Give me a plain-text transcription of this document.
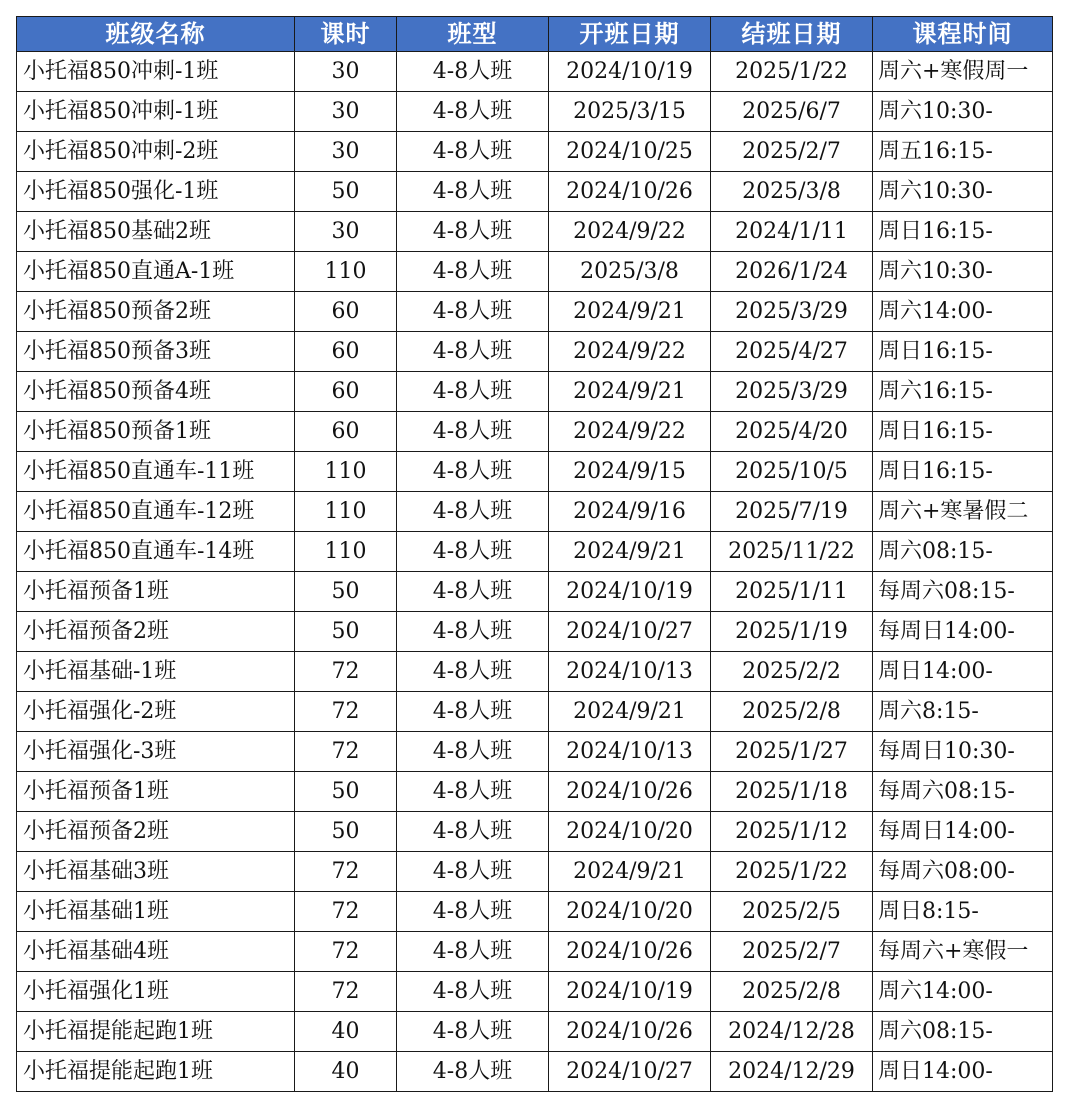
班级名称	课时	班型	开班日期	结班日期	课程时间
小托福850冲刺-1班	30	4-8人班	2024/10/19	2025/1/22	周六+寒假周一
小托福850冲刺-1班	30	4-8人班	2025/3/15	2025/6/7	周六10:30-
小托福850冲刺-2班	30	4-8人班	2024/10/25	2025/2/7	周五16:15-
小托福850强化-1班	50	4-8人班	2024/10/26	2025/3/8	周六10:30-
小托福850基础2班	30	4-8人班	2024/9/22	2024/1/11	周日16:15-
小托福850直通A-1班	110	4-8人班	2025/3/8	2026/1/24	周六10:30-
小托福850预备2班	60	4-8人班	2024/9/21	2025/3/29	周六14:00-
小托福850预备3班	60	4-8人班	2024/9/22	2025/4/27	周日16:15-
小托福850预备4班	60	4-8人班	2024/9/21	2025/3/29	周六16:15-
小托福850预备1班	60	4-8人班	2024/9/22	2025/4/20	周日16:15-
小托福850直通车-11班	110	4-8人班	2024/9/15	2025/10/5	周日16:15-
小托福850直通车-12班	110	4-8人班	2024/9/16	2025/7/19	周六+寒暑假二
小托福850直通车-14班	110	4-8人班	2024/9/21	2025/11/22	周六08:15-
小托福预备1班	50	4-8人班	2024/10/19	2025/1/11	每周六08:15-
小托福预备2班	50	4-8人班	2024/10/27	2025/1/19	每周日14:00-
小托福基础-1班	72	4-8人班	2024/10/13	2025/2/2	周日14:00-
小托福强化-2班	72	4-8人班	2024/9/21	2025/2/8	周六8:15-
小托福强化-3班	72	4-8人班	2024/10/13	2025/1/27	每周日10:30-
小托福预备1班	50	4-8人班	2024/10/26	2025/1/18	每周六08:15-
小托福预备2班	50	4-8人班	2024/10/20	2025/1/12	每周日14:00-
小托福基础3班	72	4-8人班	2024/9/21	2025/1/22	每周六08:00-
小托福基础1班	72	4-8人班	2024/10/20	2025/2/5	周日8:15-
小托福基础4班	72	4-8人班	2024/10/26	2025/2/7	每周六+寒假一
小托福强化1班	72	4-8人班	2024/10/19	2025/2/8	周六14:00-
小托福提能起跑1班	40	4-8人班	2024/10/26	2024/12/28	周六08:15-
小托福提能起跑1班	40	4-8人班	2024/10/27	2024/12/29	周日14:00-
